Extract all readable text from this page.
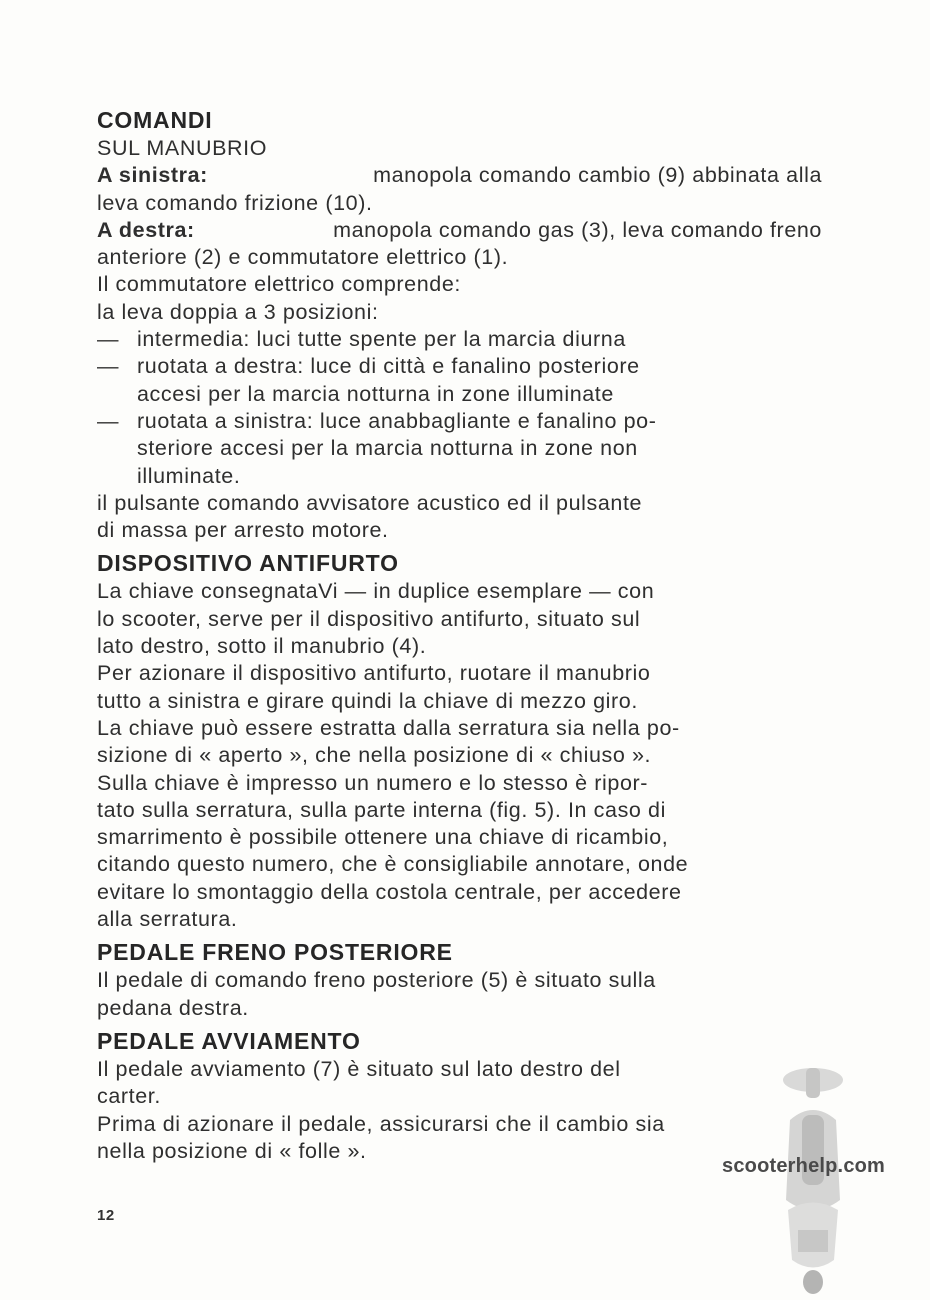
COMANDI
SUL MANUBRIO
A sinistra:	manopola comando cambio (9) abbinata alla
leva comando frizione (10).
A destra:	manopola comando gas (3), leva comando freno
anteriore (2) e commutatore elettrico (1).
Il commutatore elettrico comprende:
la leva doppia a 3 posizioni:
— intermedia: luci tutte spente per la marcia diurna
— ruotata a destra: luce di città e fanalino posteriore
accesi per la marcia notturna in zone illuminate
— ruotata a sinistra: luce anabbagliante e fanalino po-
steriore accesi per la marcia notturna in zone non
illuminate.
il pulsante comando avvisatore acustico ed il pulsante
di massa per arresto motore.
DISPOSITIVO ANTIFURTO
La chiave consegnataVi — in duplice esemplare — con
lo scooter, serve per il dispositivo antifurto, situato sul
lato destro, sotto il manubrio (4).
Per azionare il dispositivo antifurto, ruotare il manubrio
tutto a sinistra e girare quindi la chiave di mezzo giro.
La chiave può essere estratta dalla serratura sia nella po-
sizione di « aperto », che nella posizione di « chiuso ».
Sulla chiave è impresso un numero e lo stesso è ripor-
tato sulla serratura, sulla parte interna (fig. 5). In caso di
smarrimento è possibile ottenere una chiave di ricambio,
citando questo numero, che è consigliabile annotare, onde
evitare lo smontaggio della costola centrale, per accedere
alla serratura.
PEDALE FRENO POSTERIORE
Il pedale di comando freno posteriore (5) è situato sulla
pedana destra.
PEDALE AVVIAMENTO
Il pedale avviamento (7) è situato sul lato destro del
carter.
Prima di azionare il pedale, assicurarsi che il cambio sia
nella posizione di « folle ».
scooterhelp.com
12
